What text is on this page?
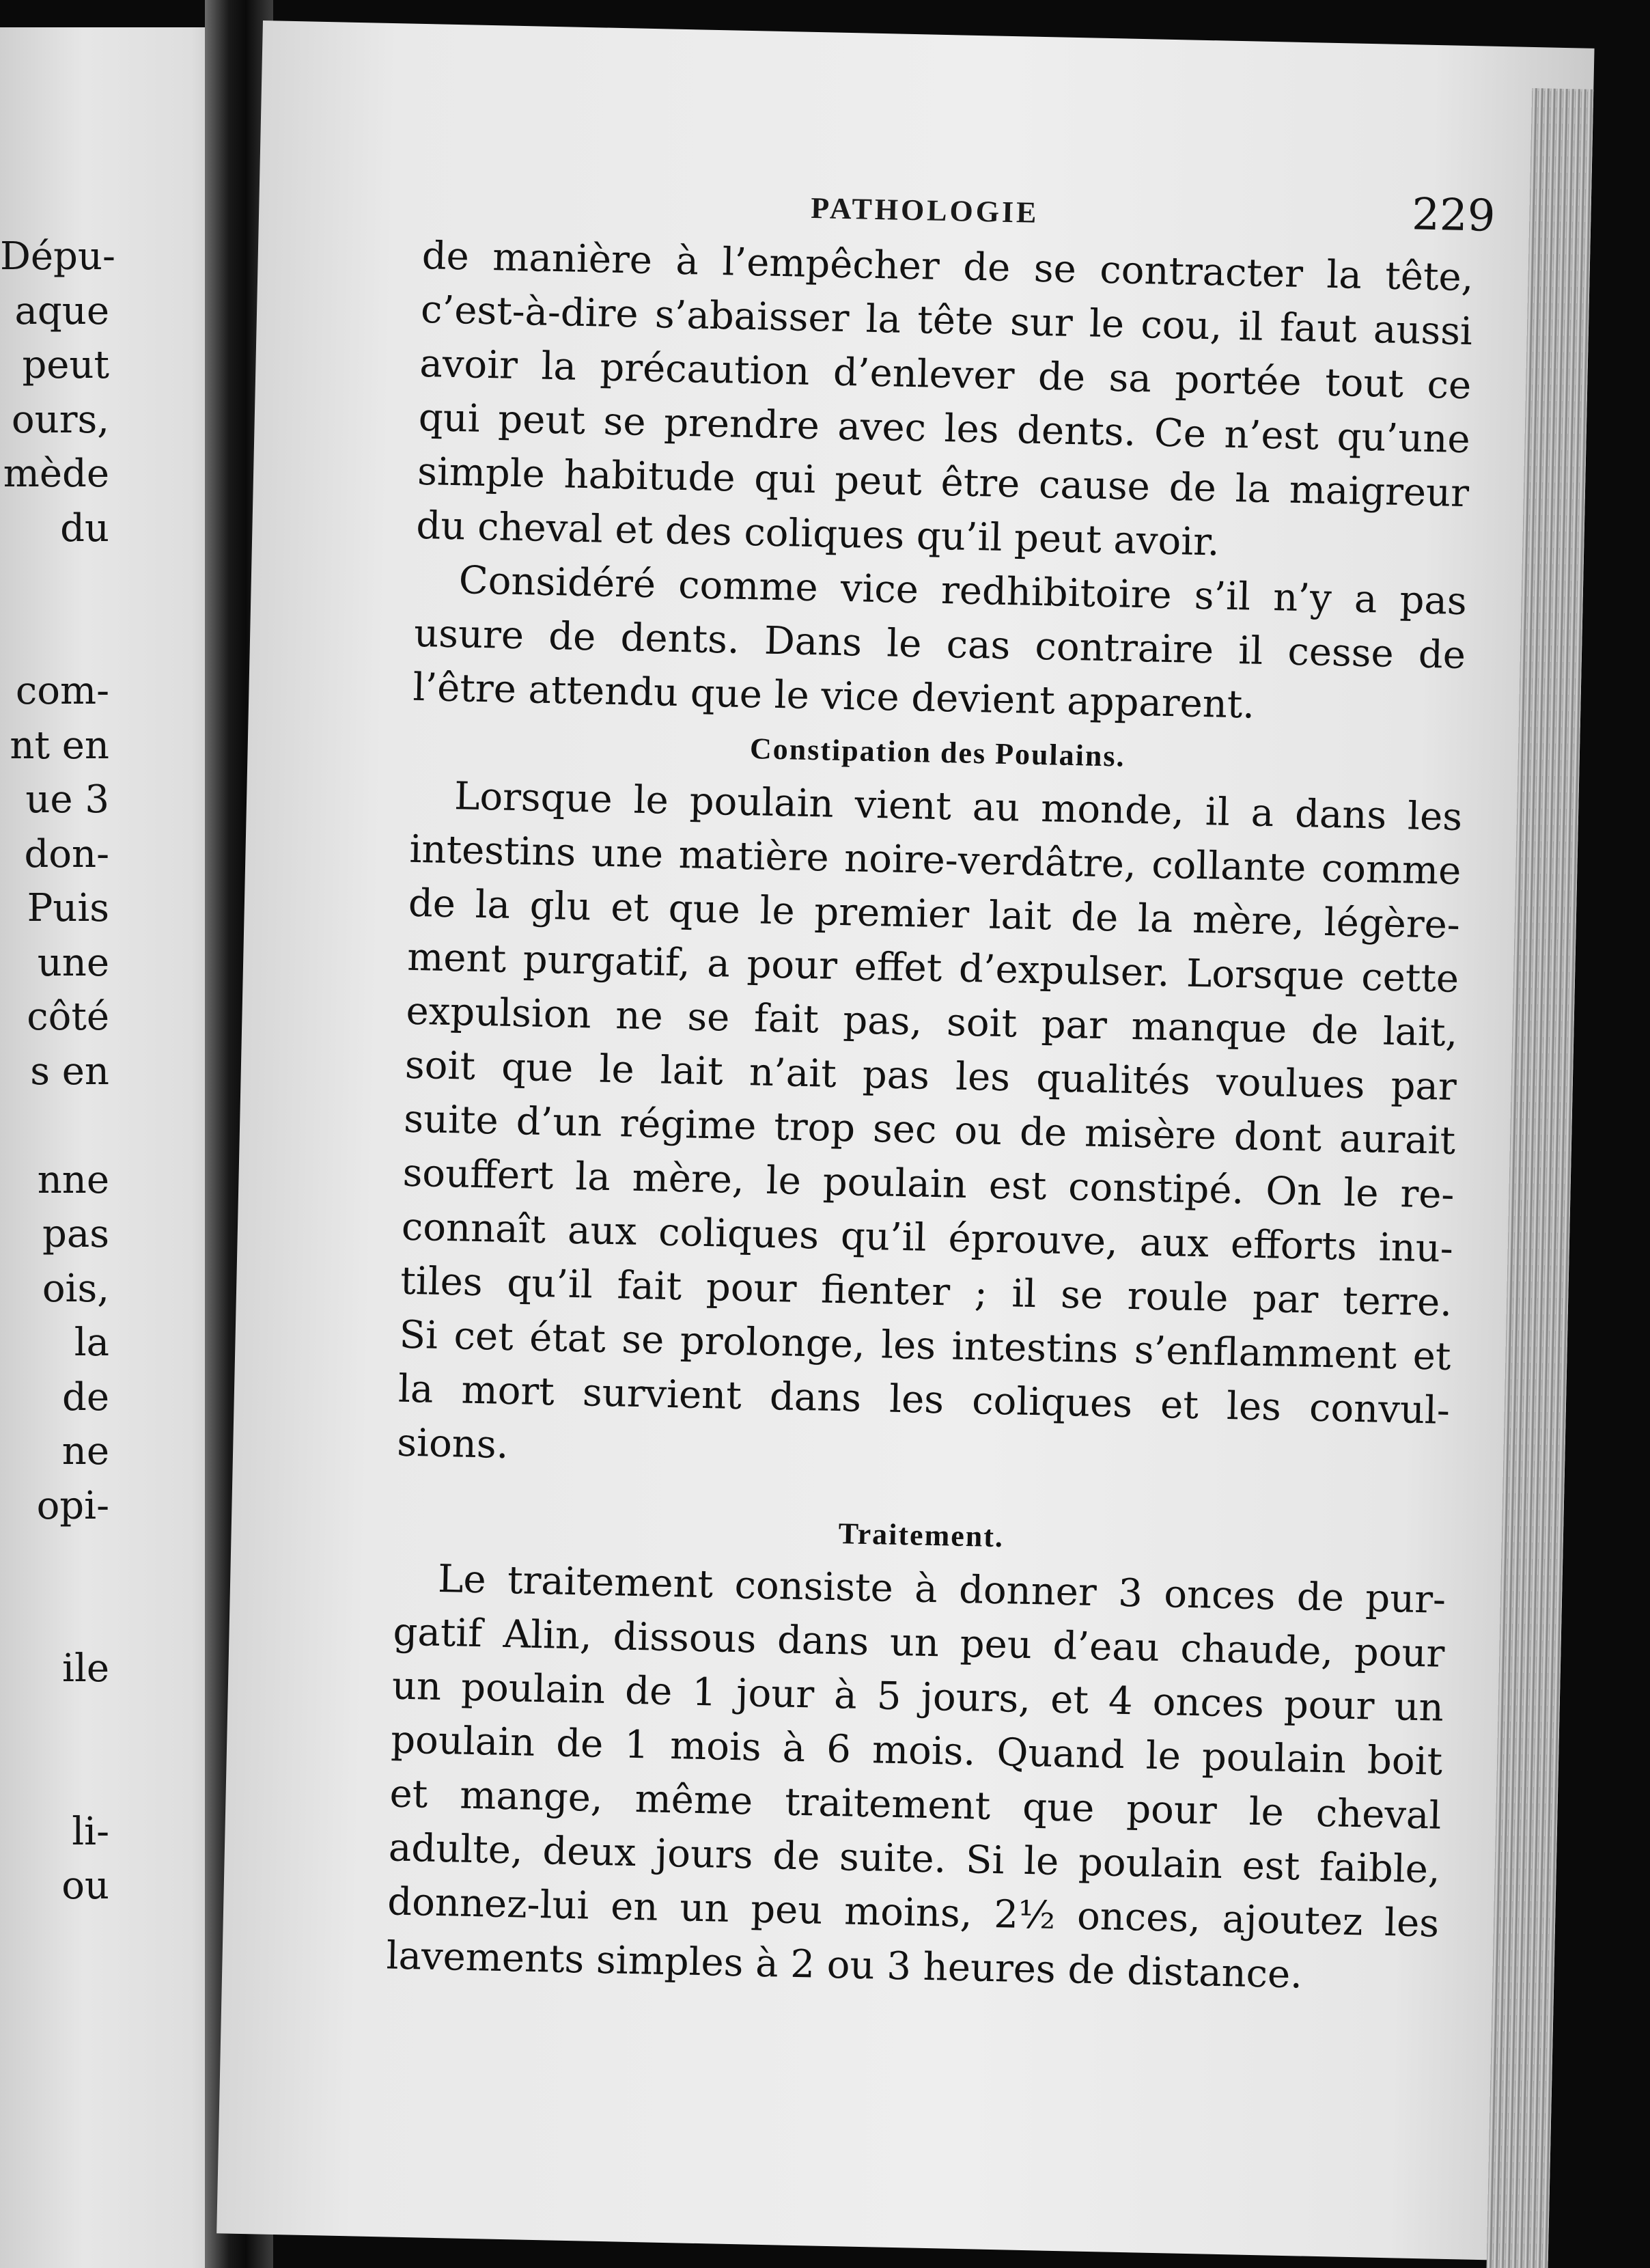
Dépu-
aque
peut
ours,
mède
du
com-
nt en
ue 3
don-
Puis
une
côté
s en
nne
pas
ois,
la
de
ne
opi-
ile
li-
ou
PATHOLOGIE	229
de manière à l’empêcher de se contracter la tête,
c’est-à-dire s’abaisser la tête sur le cou, il faut aussi
avoir la précaution d’enlever de sa portée tout ce
qui peut se prendre avec les dents. Ce n’est qu’une
simple habitude qui peut être cause de la maigreur
du cheval et des coliques qu’il peut avoir.
Considéré comme vice redhibitoire s’il n’y a pas
usure de dents. Dans le cas contraire il cesse de
l’être attendu que le vice devient apparent.
Constipation des Poulains.
Lorsque le poulain vient au monde, il a dans les
intestins une matière noire-verdâtre, collante comme
de la glu et que le premier lait de la mère, légère-
ment purgatif, a pour effet d’expulser. Lorsque cette
expulsion ne se fait pas, soit par manque de lait,
soit que le lait n’ait pas les qualités voulues par
suite d’un régime trop sec ou de misère dont aurait
souffert la mère, le poulain est constipé. On le re-
connaît aux coliques qu’il éprouve, aux efforts inu-
tiles qu’il fait pour fienter ; il se roule par terre.
Si cet état se prolonge, les intestins s’enflamment et
la mort survient dans les coliques et les convul-
sions.
Traitement.
Le traitement consiste à donner 3 onces de pur-
gatif Alin, dissous dans un peu d’eau chaude, pour
un poulain de 1 jour à 5 jours, et 4 onces pour un
poulain de 1 mois à 6 mois. Quand le poulain boit
et mange, même traitement que pour le cheval
adulte, deux jours de suite. Si le poulain est faible,
donnez-lui en un peu moins, 2½ onces, ajoutez les
lavements simples à 2 ou 3 heures de distance.
